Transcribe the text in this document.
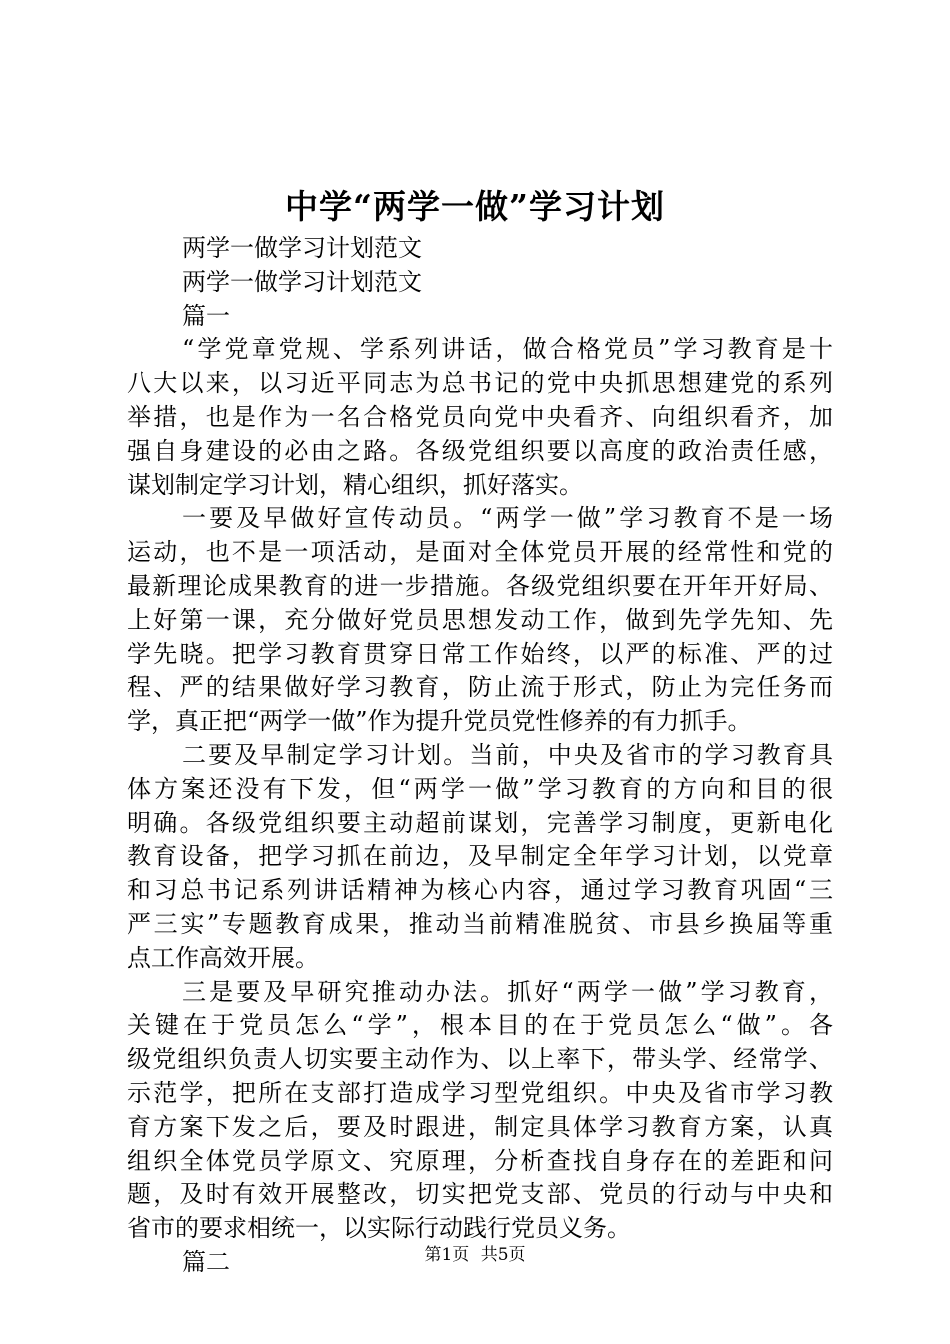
中学“两学一做”学习计划
两学一做学习计划范文
两学一做学习计划范文
篇一
“学党章党规、学系列讲话，做合格党员”学习教育是十
八大以来，以习近平同志为总书记的党中央抓思想建党的系列
举措，也是作为一名合格党员向党中央看齐、向组织看齐，加
强自身建设的必由之路。各级党组织要以高度的政治责任感，
谋划制定学习计划，精心组织，抓好落实。
一要及早做好宣传动员。“两学一做”学习教育不是一场
运动，也不是一项活动，是面对全体党员开展的经常性和党的
最新理论成果教育的进一步措施。各级党组织要在开年开好局、
上好第一课，充分做好党员思想发动工作，做到先学先知、先
学先晓。把学习教育贯穿日常工作始终，以严的标准、严的过
程、严的结果做好学习教育，防止流于形式，防止为完任务而
学，真正把“两学一做”作为提升党员党性修养的有力抓手。
二要及早制定学习计划。当前，中央及省市的学习教育具
体方案还没有下发，但“两学一做”学习教育的方向和目的很
明确。各级党组织要主动超前谋划，完善学习制度，更新电化
教育设备，把学习抓在前边，及早制定全年学习计划，以党章
和习总书记系列讲话精神为核心内容，通过学习教育巩固“三
严三实”专题教育成果，推动当前精准脱贫、市县乡换届等重
点工作高效开展。
三是要及早研究推动办法。抓好“两学一做”学习教育，
关键在于党员怎么“学”，根本目的在于党员怎么“做”。各
级党组织负责人切实要主动作为、以上率下，带头学、经常学、
示范学，把所在支部打造成学习型党组织。中央及省市学习教
育方案下发之后，要及时跟进，制定具体学习教育方案，认真
组织全体党员学原文、究原理，分析查找自身存在的差距和问
题，及时有效开展整改，切实把党支部、党员的行动与中央和
省市的要求相统一，以实际行动践行党员义务。
篇二	第1页 共5页
